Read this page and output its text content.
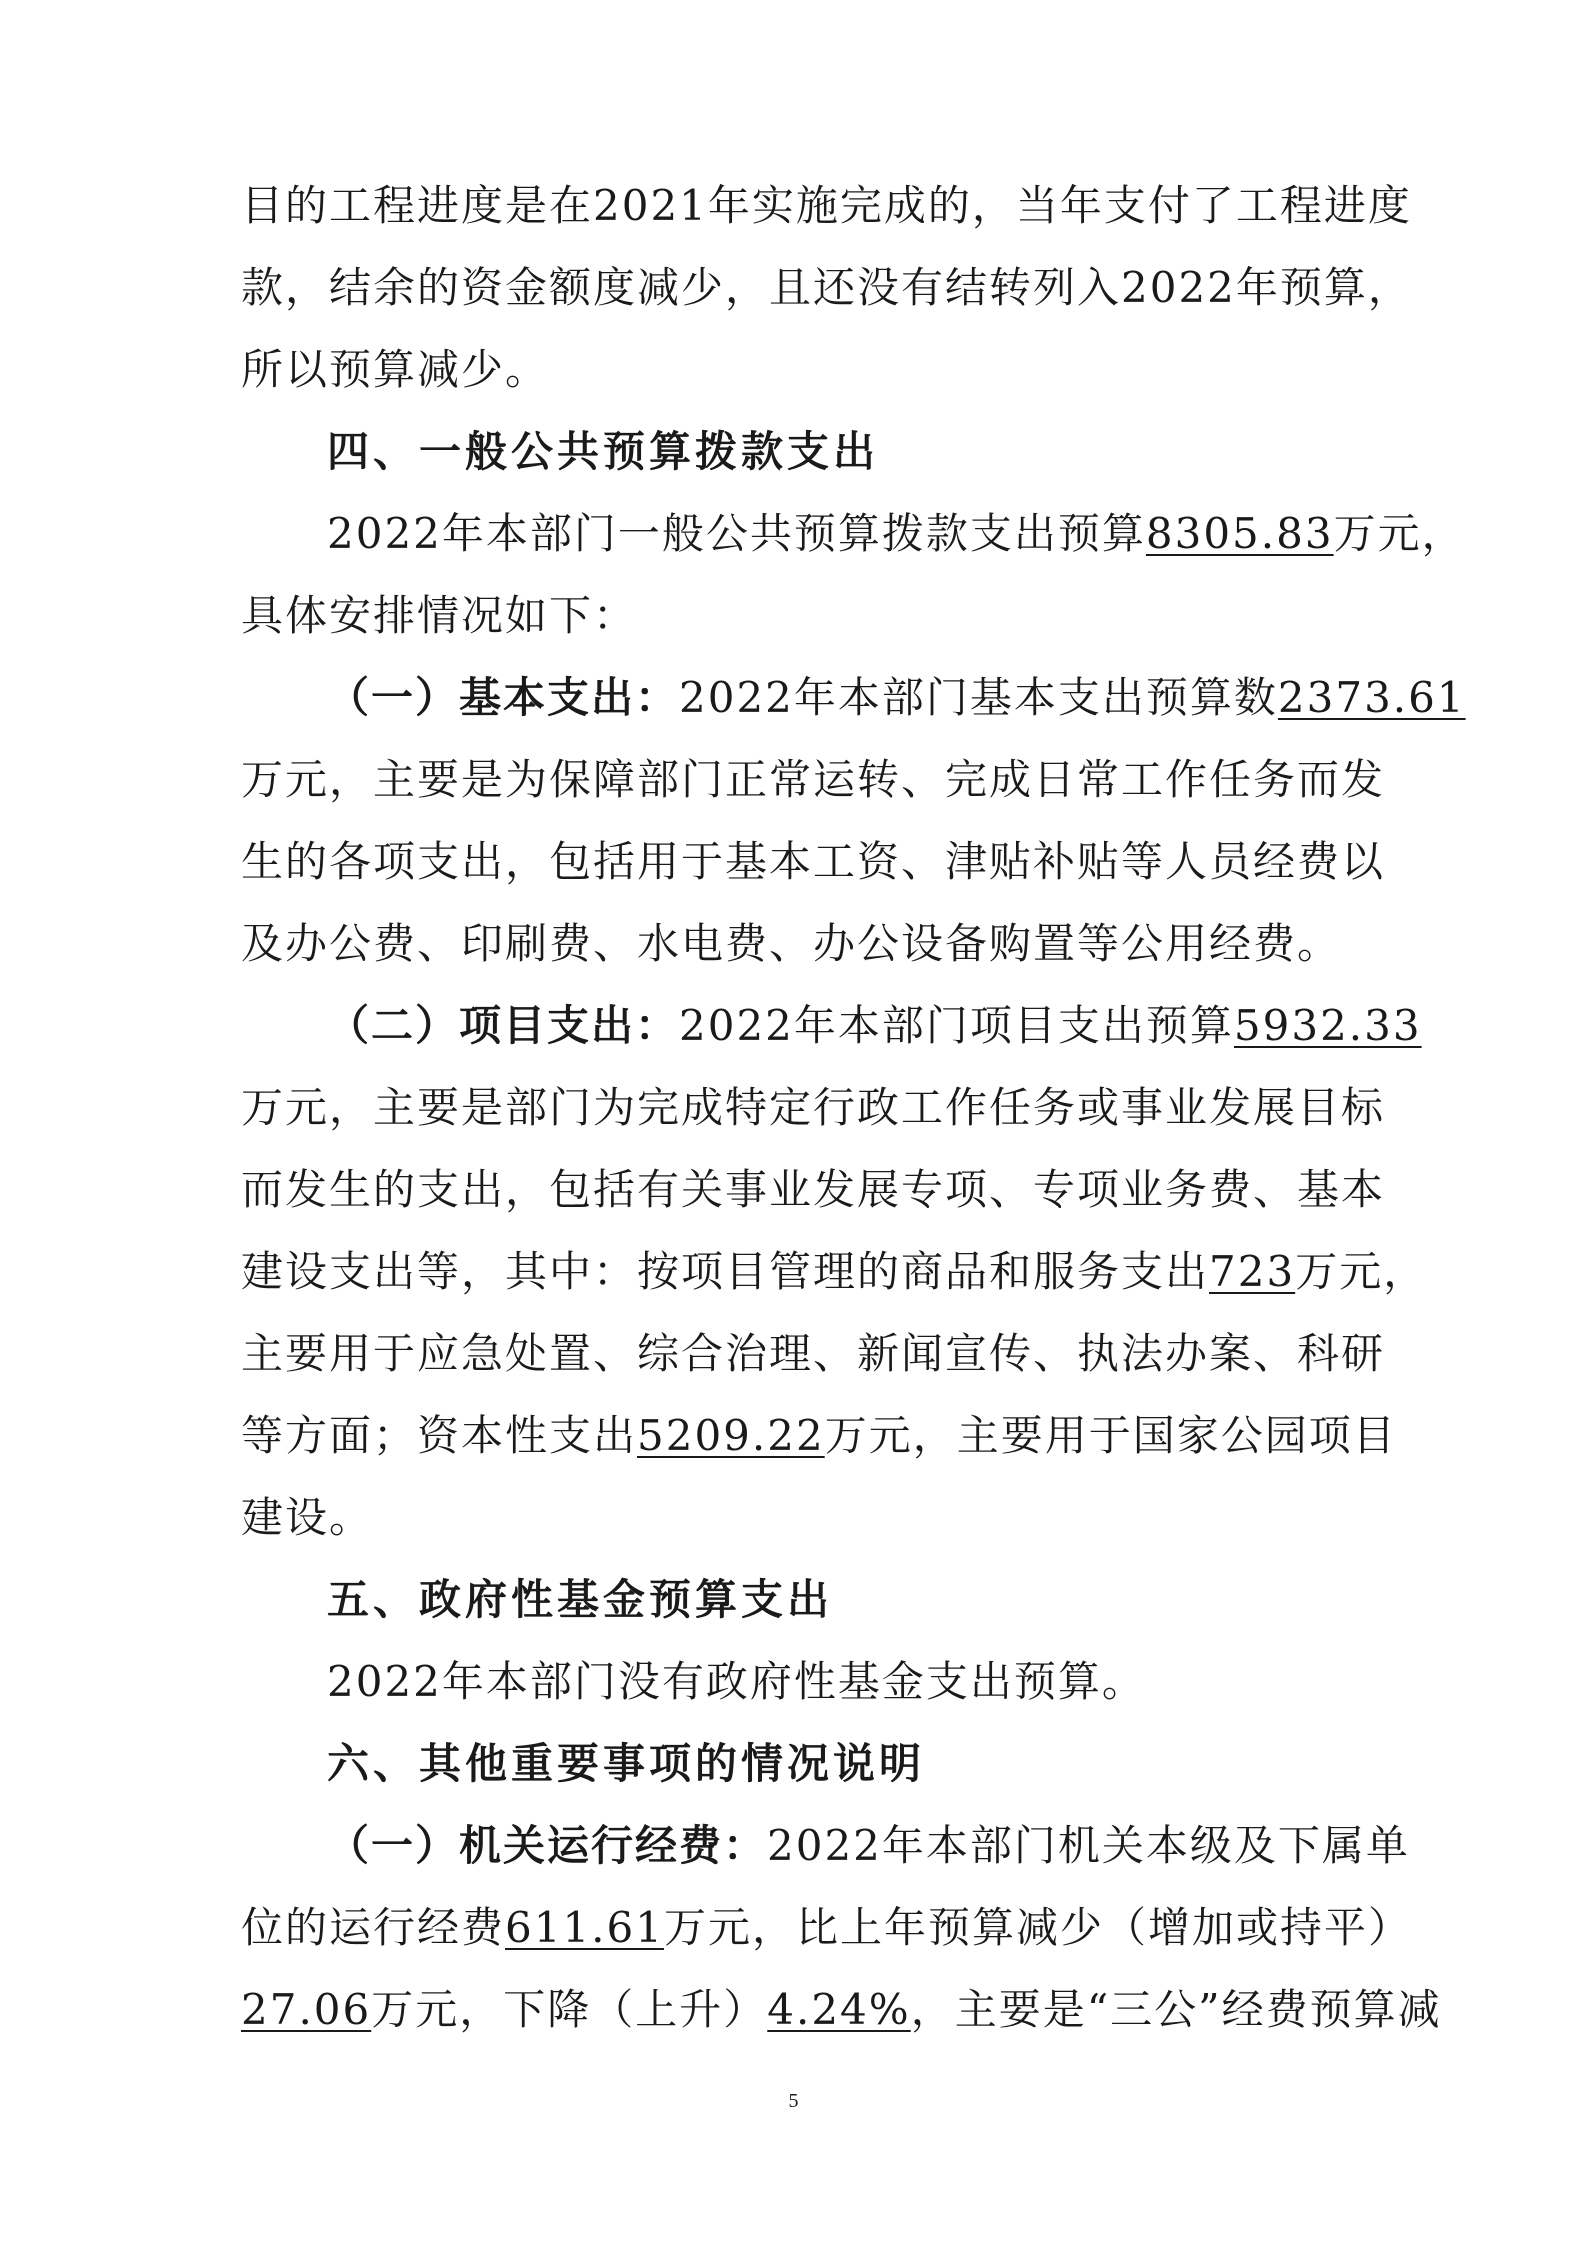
目的工程进度是在2021年实施完成的，当年支付了工程进度
款，结余的资金额度减少，且还没有结转列入2022年预算，
所以预算减少。
四、一般公共预算拨款支出
2022年本部门一般公共预算拨款支出预算8305.83万元，
具体安排情况如下：
（一）基本支出：2022年本部门基本支出预算数2373.61
万元，主要是为保障部门正常运转、完成日常工作任务而发
生的各项支出，包括用于基本工资、津贴补贴等人员经费以
及办公费、印刷费、水电费、办公设备购置等公用经费。
（二）项目支出：2022年本部门项目支出预算5932.33
万元，主要是部门为完成特定行政工作任务或事业发展目标
而发生的支出，包括有关事业发展专项、专项业务费、基本
建设支出等，其中：按项目管理的商品和服务支出723万元，
主要用于应急处置、综合治理、新闻宣传、执法办案、科研
等方面；资本性支出5209.22万元，主要用于国家公园项目
建设。
五、政府性基金预算支出
2022年本部门没有政府性基金支出预算。
六、其他重要事项的情况说明
（一）机关运行经费：2022年本部门机关本级及下属单
位的运行经费611.61万元，比上年预算减少（增加或持平）
27.06万元，下降（上升）4.24%，主要是“三公”经费预算减
5
